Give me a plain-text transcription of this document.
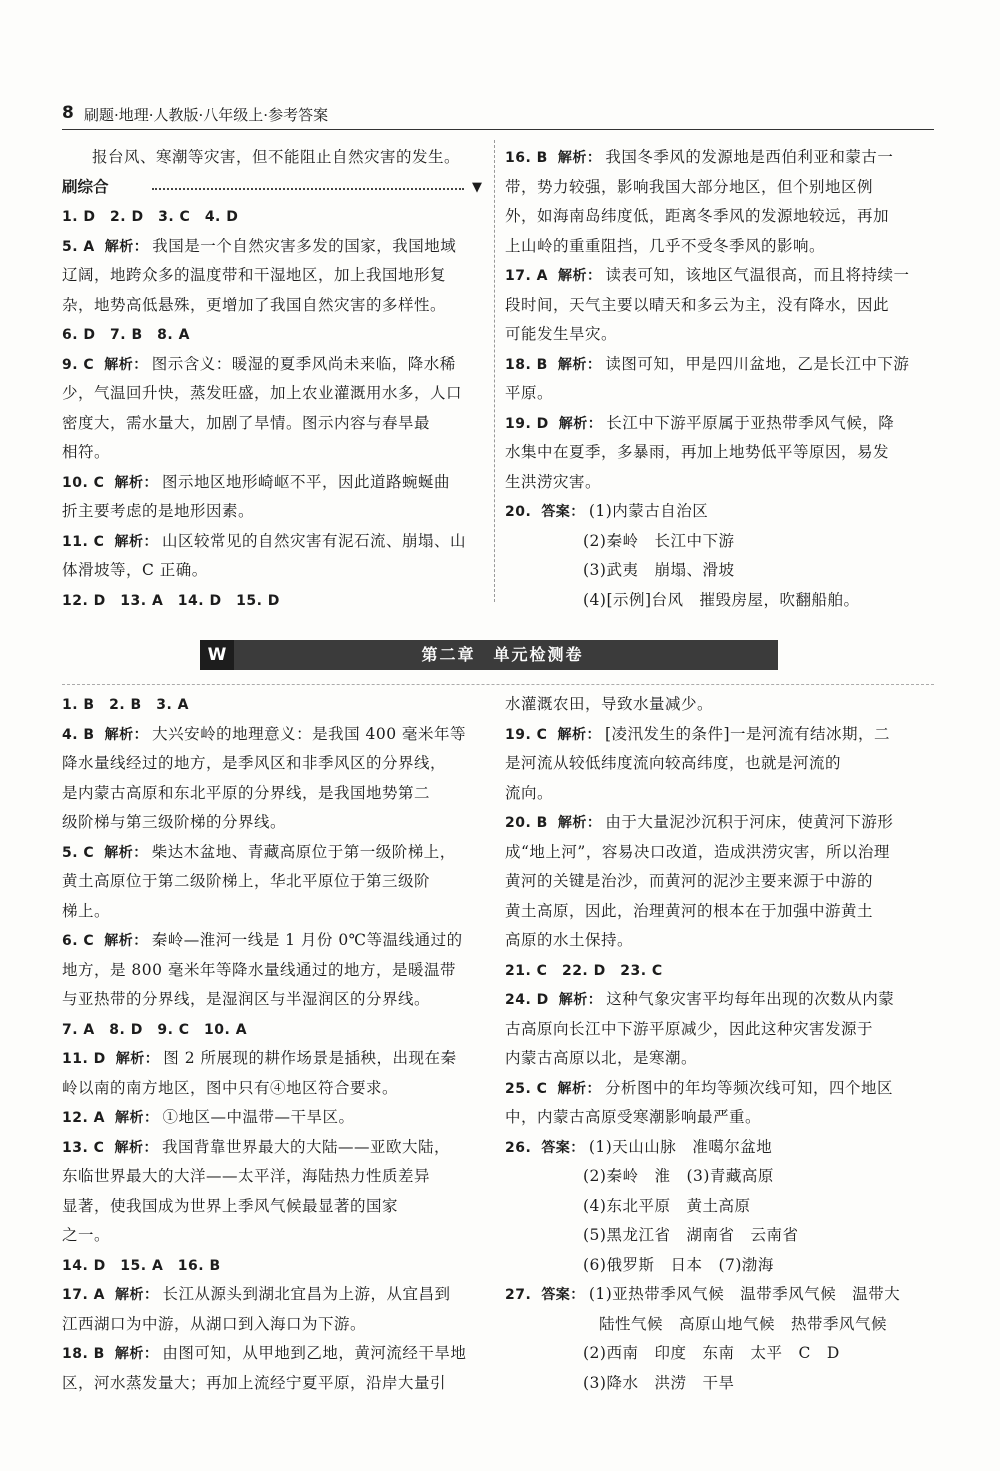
8 刷题·地理·人教版·八年级上·参考答案
报台风、寒潮等灾害，但不能阻止自然灾害的发生。
刷综合	▼
1. D　2. D　3. C　4. D
5. A 解析： 我国是一个自然灾害多发的国家，我国地域
辽阔，地跨众多的温度带和干湿地区，加上我国地形复
杂，地势高低悬殊，更增加了我国自然灾害的多样性。
6. D　7. B　8. A
9. C 解析： 图示含义：暖湿的夏季风尚未来临，降水稀
少，气温回升快，蒸发旺盛，加上农业灌溉用水多，人口
密度大，需水量大，加剧了旱情。图示内容与春旱最
相符。
10. C 解析： 图示地区地形崎岖不平，因此道路蜿蜒曲
折主要考虑的是地形因素。
11. C 解析： 山区较常见的自然灾害有泥石流、崩塌、山
体滑坡等，C 正确。
12. D　13. A　14. D　15. D
16. B 解析： 我国冬季风的发源地是西伯利亚和蒙古一
带，势力较强，影响我国大部分地区，但个别地区例
外，如海南岛纬度低，距离冬季风的发源地较远，再加
上山岭的重重阻挡，几乎不受冬季风的影响。
17. A 解析： 读表可知，该地区气温很高，而且将持续一
段时间，天气主要以晴天和多云为主，没有降水，因此
可能发生旱灾。
18. B 解析： 读图可知，甲是四川盆地，乙是长江中下游
平原。
19. D 解析： 长江中下游平原属于亚热带季风气候，降
水集中在夏季，多暴雨，再加上地势低平等原因，易发
生洪涝灾害。
20. 答案： (1)内蒙古自治区
(2)秦岭　长江中下游
(3)武夷　崩塌、滑坡
(4)[示例]台风　摧毁房屋，吹翻船舶。
W	第二章　单元检测卷
1. B　2. B　3. A
4. B 解析： 大兴安岭的地理意义：是我国 400 毫米年等
降水量线经过的地方，是季风区和非季风区的分界线，
是内蒙古高原和东北平原的分界线，是我国地势第二
级阶梯与第三级阶梯的分界线。
5. C 解析： 柴达木盆地、青藏高原位于第一级阶梯上，
黄土高原位于第二级阶梯上，华北平原位于第三级阶
梯上。
6. C 解析： 秦岭—淮河一线是 1 月份 0℃等温线通过的
地方，是 800 毫米年等降水量线通过的地方，是暖温带
与亚热带的分界线，是湿润区与半湿润区的分界线。
7. A　8. D　9. C　10. A
11. D 解析： 图 2 所展现的耕作场景是插秧，出现在秦
岭以南的南方地区，图中只有④地区符合要求。
12. A 解析： ①地区—中温带—干旱区。
13. C 解析： 我国背靠世界最大的大陆——亚欧大陆，
东临世界最大的大洋——太平洋，海陆热力性质差异
显著，使我国成为世界上季风气候最显著的国家
之一。
14. D　15. A　16. B
17. A 解析： 长江从源头到湖北宜昌为上游，从宜昌到
江西湖口为中游，从湖口到入海口为下游。
18. B 解析： 由图可知，从甲地到乙地，黄河流经干旱地
区，河水蒸发量大；再加上流经宁夏平原，沿岸大量引
水灌溉农田，导致水量减少。
19. C 解析： [凌汛发生的条件]一是河流有结冰期，二
是河流从较低纬度流向较高纬度，也就是河流的
流向。
20. B 解析： 由于大量泥沙沉积于河床，使黄河下游形
成“地上河”，容易决口改道，造成洪涝灾害，所以治理
黄河的关键是治沙，而黄河的泥沙主要来源于中游的
黄土高原，因此，治理黄河的根本在于加强中游黄土
高原的水土保持。
21. C　22. D　23. C
24. D 解析： 这种气象灾害平均每年出现的次数从内蒙
古高原向长江中下游平原减少，因此这种灾害发源于
内蒙古高原以北，是寒潮。
25. C 解析： 分析图中的年均等频次线可知，四个地区
中，内蒙古高原受寒潮影响最严重。
26. 答案： (1)天山山脉　准噶尔盆地
(2)秦岭　淮　(3)青藏高原
(4)东北平原　黄土高原
(5)黑龙江省　湖南省　云南省
(6)俄罗斯　日本　(7)渤海
27. 答案： (1)亚热带季风气候　温带季风气候　温带大
　陆性气候　高原山地气候　热带季风气候
(2)西南　印度　东南　太平　C　D
(3)降水　洪涝　干旱
